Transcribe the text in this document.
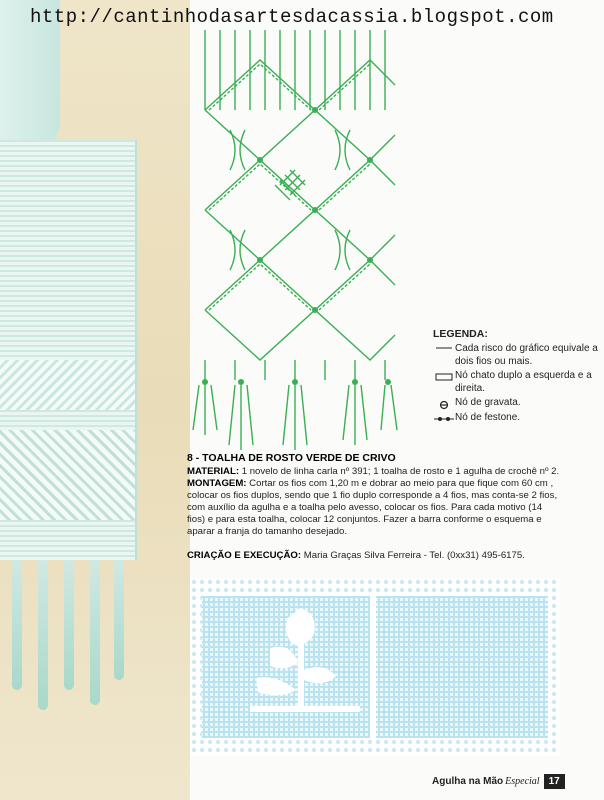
http://cantinhodasartesdacassia.blogspot.com
LEGENDA:
Cada risco do gráfico equivale a dois fios ou mais.
Nó chato duplo a esquerda e a direita.
Nó de gravata.
Nó de festone.
8 - TOALHA DE ROSTO VERDE DE CRIVO

MATERIAL: 1 novelo de linha carla nº 391; 1 toalha de rosto e 1 agulha de crochê nº 2.

MONTAGEM: Cortar os fios com 1,20 m e dobrar ao meio para que fique com 60 cm , colocar os fios duplos, sendo que 1 fio duplo corresponde a 4 fios, mas conta-se 2 fios, com auxílio da agulha e a toalha pelo avesso, colocar os fios. Para cada motivo (14 fios) e para esta toalha, colocar 12 conjuntos. Fazer a barra conforme o esquema e aparar a franja do tamanho desejado.

CRIAÇÃO E EXECUÇÃO: Maria Graças Silva Ferreira - Tel. (0xx31) 495-6175.

Agulha na Mão Especial 17
